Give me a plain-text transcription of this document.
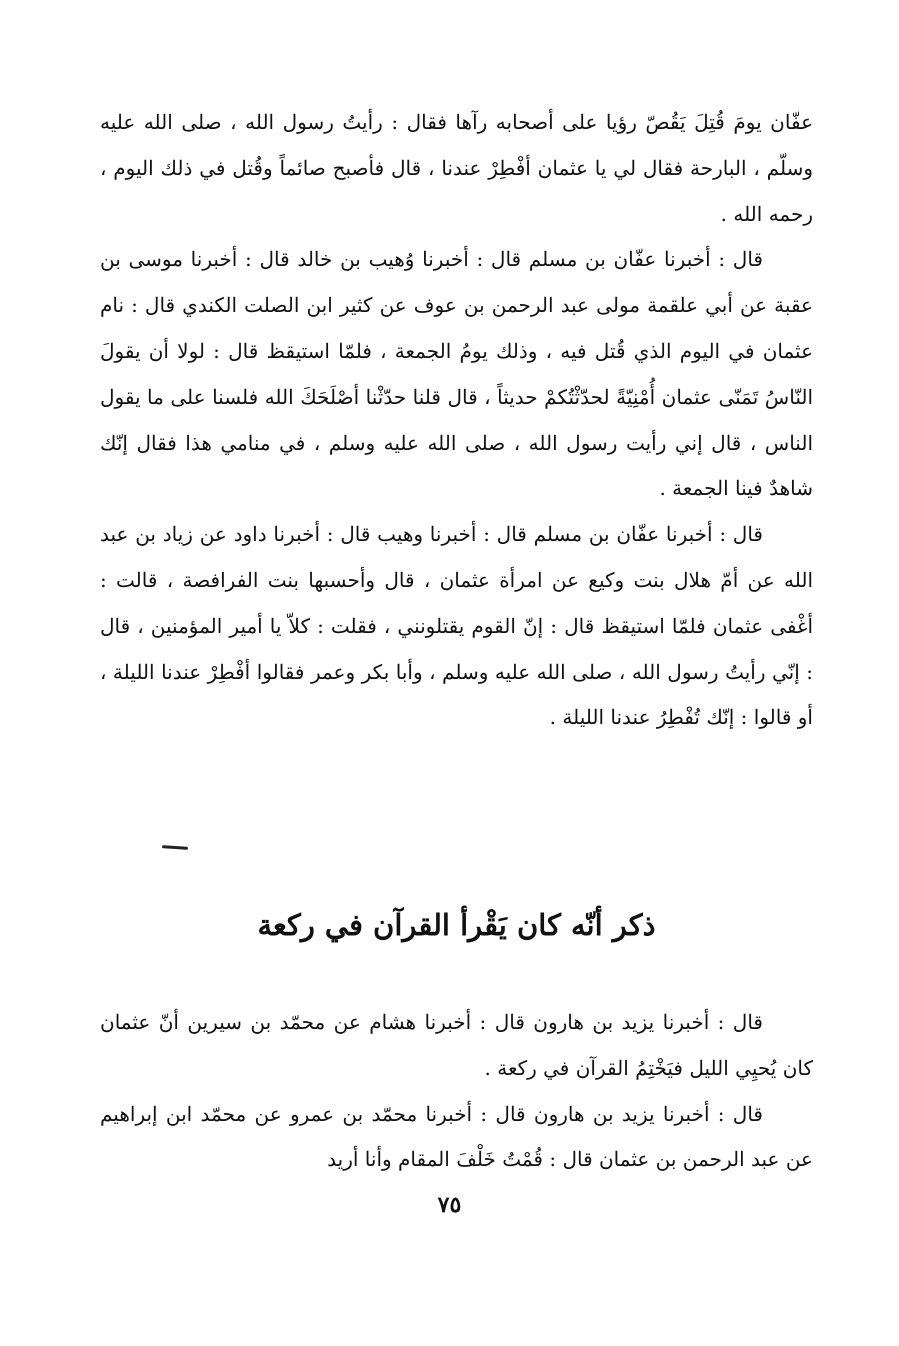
عفّان يومَ قُتِلَ يَقُصّ رؤيا على أصحابه رآها فقال : رأيتُ رسول الله ، صلى الله عليه وسلّم ، البارحة فقال لي يا عثمان أفْطِرْ عندنا ، قال فأصبح صائماً وقُتل في ذلك اليوم ، رحمه الله .

قال : أخبرنا عفّان بن مسلم قال : أخبرنا وُهيب بن خالد قال : أخبرنا موسى بن عقبة عن أبي علقمة مولى عبد الرحمن بن عوف عن كثير ابن الصلت الكندي قال : نام عثمان في اليوم الذي قُتل فيه ، وذلك يومُ الجمعة ، فلمّا استيقظ قال : لولا أن يقولَ النّاسُ تَمَنّى عثمان أُمْنِيّةً لحدّثْتُكمْ حديثاً ، قال قلنا حدّثْنا أصْلَحَكَ الله فلسنا على ما يقول الناس ، قال إني رأيت رسول الله ، صلى الله عليه وسلم ، في منامي هذا فقال إنّك شاهدٌ فينا الجمعة .

قال : أخبرنا عفّان بن مسلم قال : أخبرنا وهيب قال : أخبرنا داود عن زياد بن عبد الله عن أمّ هلال بنت وكيع عن امرأة عثمان ، قال وأحسبها بنت الفرافصة ، قالت : أغْفى عثمان فلمّا استيقظ قال : إنّ القوم يقتلونني ، فقلت : كلاّ يا أمير المؤمنين ، قال : إنّي رأيتُ رسول الله ، صلى الله عليه وسلم ، وأبا بكر وعمر فقالوا أفْطِرْ عندنا الليلة ، أو قالوا : إنّك تُفْطِرُ عندنا الليلة .

ذكر أنّه كان يَقْرأ القرآن في ركعة

قال : أخبرنا يزيد بن هارون قال : أخبرنا هشام عن محمّد بن سيرين أنّ عثمان كان يُحيِي الليل فيَخْتِمُ القرآن في ركعة .

قال : أخبرنا يزيد بن هارون قال : أخبرنا محمّد بن عمرو عن محمّد ابن إبراهيم عن عبد الرحمن بن عثمان قال : قُمْتُ خَلْفَ المقام وأنا أريد

٧٥
